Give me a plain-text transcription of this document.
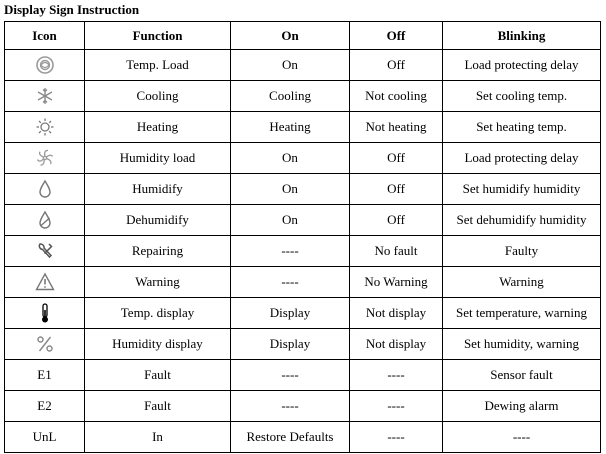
Display Sign Instruction
Icon	Function	On	Off	Blinking

	Temp. Load	On	Off	Load protecting delay

	Cooling	Cooling	Not cooling	Set cooling temp.

	Heating	Heating	Not heating	Set heating temp.

	Humidity load	On	Off	Load protecting delay

	Humidify	On	Off	Set humidify humidity

	Dehumidify	On	Off	Set dehumidify humidity

	Repairing	----	No fault	Faulty

	Warning	----	No Warning	Warning

	Temp. display	Display	Not display	Set temperature, warning

	Humidity display	Display	Not display	Set humidity, warning
E1	Fault	----	----	Sensor fault
E2	Fault	----	----	Dewing alarm
UnL	In	Restore Defaults	----	----
